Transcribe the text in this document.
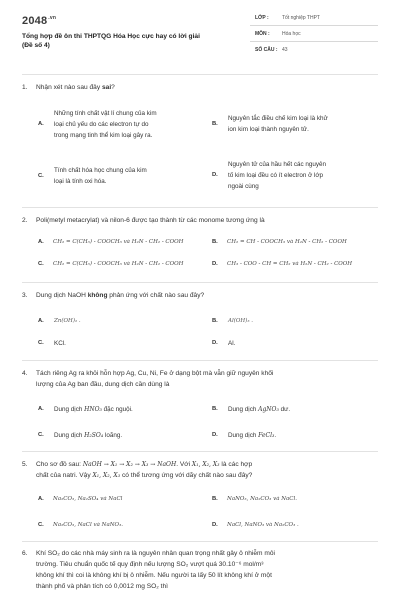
$2048^{.vn}$
Tổng hợp đề ôn thi THPTQG Hóa Học cực hay có lời giải
(Đề số 4)
LỚP :	Tốt nghiệp THPT
MÔN : Hóa học
SỐ CÂU : 43
1. Nhận xét nào sau đây sai?
A.
Những tính chất vật lí chung của kim
loại chủ yếu do các electron tự do
trong mạng tinh thể kim loại gây ra.
B.
Nguyên tắc điều chế kim loại là khử
ion kim loại thành nguyên tử.
C.
Tính chất hóa học chung của kim
loại là tính oxi hóa.
D.
Nguyên tử của hầu hết các nguyên
tố kim loại đều có ít electron ở lớp
ngoài cùng
2. Poli(metyl metacrylat) và nilon-6 được tạo thành từ các monome tương ứng là
A. CH₂ = C(CH₃) - COOCH₃ và H₂N - CH₂ - COOH	B. CH₂ = CH - COOCH₃ và H₂N - CH₂ - COOH
C. CH₂ = C(CH₃) - COOCH₃ và H₂N - CH₂ - COOH	D. CH₃ - COO - CH = CH₂ và H₂N - CH₂ - COOH
3. Dung dịch NaOH không phản ứng với chất nào sau đây?
A. Zn(OH)₂ .	B. Al(OH)₃ .
C. KCl.	D. Al.
4. Tách riêng Ag ra khỏi hỗn hợp Ag, Cu, Ni, Fe ở dạng bột mà vẫn giữ nguyên khối
lượng của Ag ban đầu, dung dịch cần dùng là
A. Dung dịch HNO₃ đặc nguội.	B. Dung dịch AgNO₃ dư.
C. Dung dịch H₂SO₄ loãng.	D. Dung dịch FeCl₃.
5. Cho sơ đồ sau: NaOH → X₁ → X₂ → X₃ → NaOH. Với X₁, X₂, X₃ là các hợp
chất của natri. Vậy X₁, X₂, X₃ có thể tương ứng với dãy chất nào sau đây?
A. Na₂CO₃, Na₂SO₄ và NaCl	B. NaNO₃, Na₂CO₃ và NaCl.
C. Na₂CO₃, NaCl và NaNO₃.	D. NaCl, NaNO₃ và Na₂CO₃ .
6. Khí SO₂ do các nhà máy sinh ra là nguyên nhân quan trọng nhất gây ô nhiễm môi
trường. Tiêu chuẩn quốc tế quy định nếu lượng SO₂ vượt quá 30.10⁻⁶ mol/m³
không khí thì coi là không khí bị ô nhiễm. Nếu người ta lấy 50 lít không khí ở một
thành phố và phân tích có 0,0012 mg SO₂ thì
